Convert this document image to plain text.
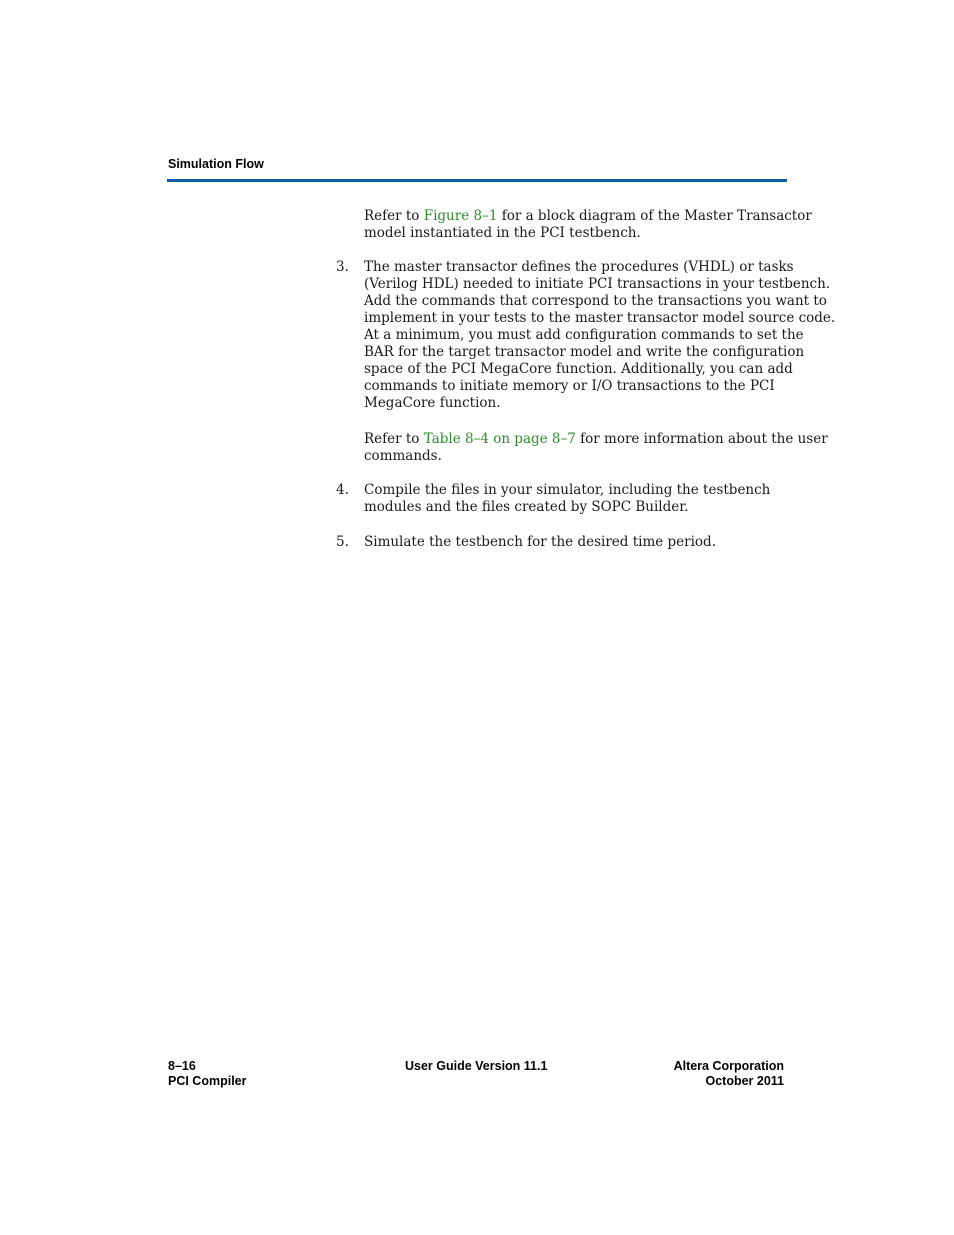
Simulation Flow
Refer to Figure 8–1 for a block diagram of the Master Transactor
model instantiated in the PCI testbench.
3. The master transactor defines the procedures (VHDL) or tasks
(Verilog HDL) needed to initiate PCI transactions in your testbench.
Add the commands that correspond to the transactions you want to
implement in your tests to the master transactor model source code.
At a minimum, you must add configuration commands to set the
BAR for the target transactor model and write the configuration
space of the PCI MegaCore function. Additionally, you can add
commands to initiate memory or I/O transactions to the PCI
MegaCore function.
Refer to Table 8–4 on page 8–7 for more information about the user
commands.
4. Compile the files in your simulator, including the testbench
modules and the files created by SOPC Builder.
5. Simulate the testbench for the desired time period.
8–16
PCI Compiler
User Guide Version 11.1	Altera Corporation
October 2011
